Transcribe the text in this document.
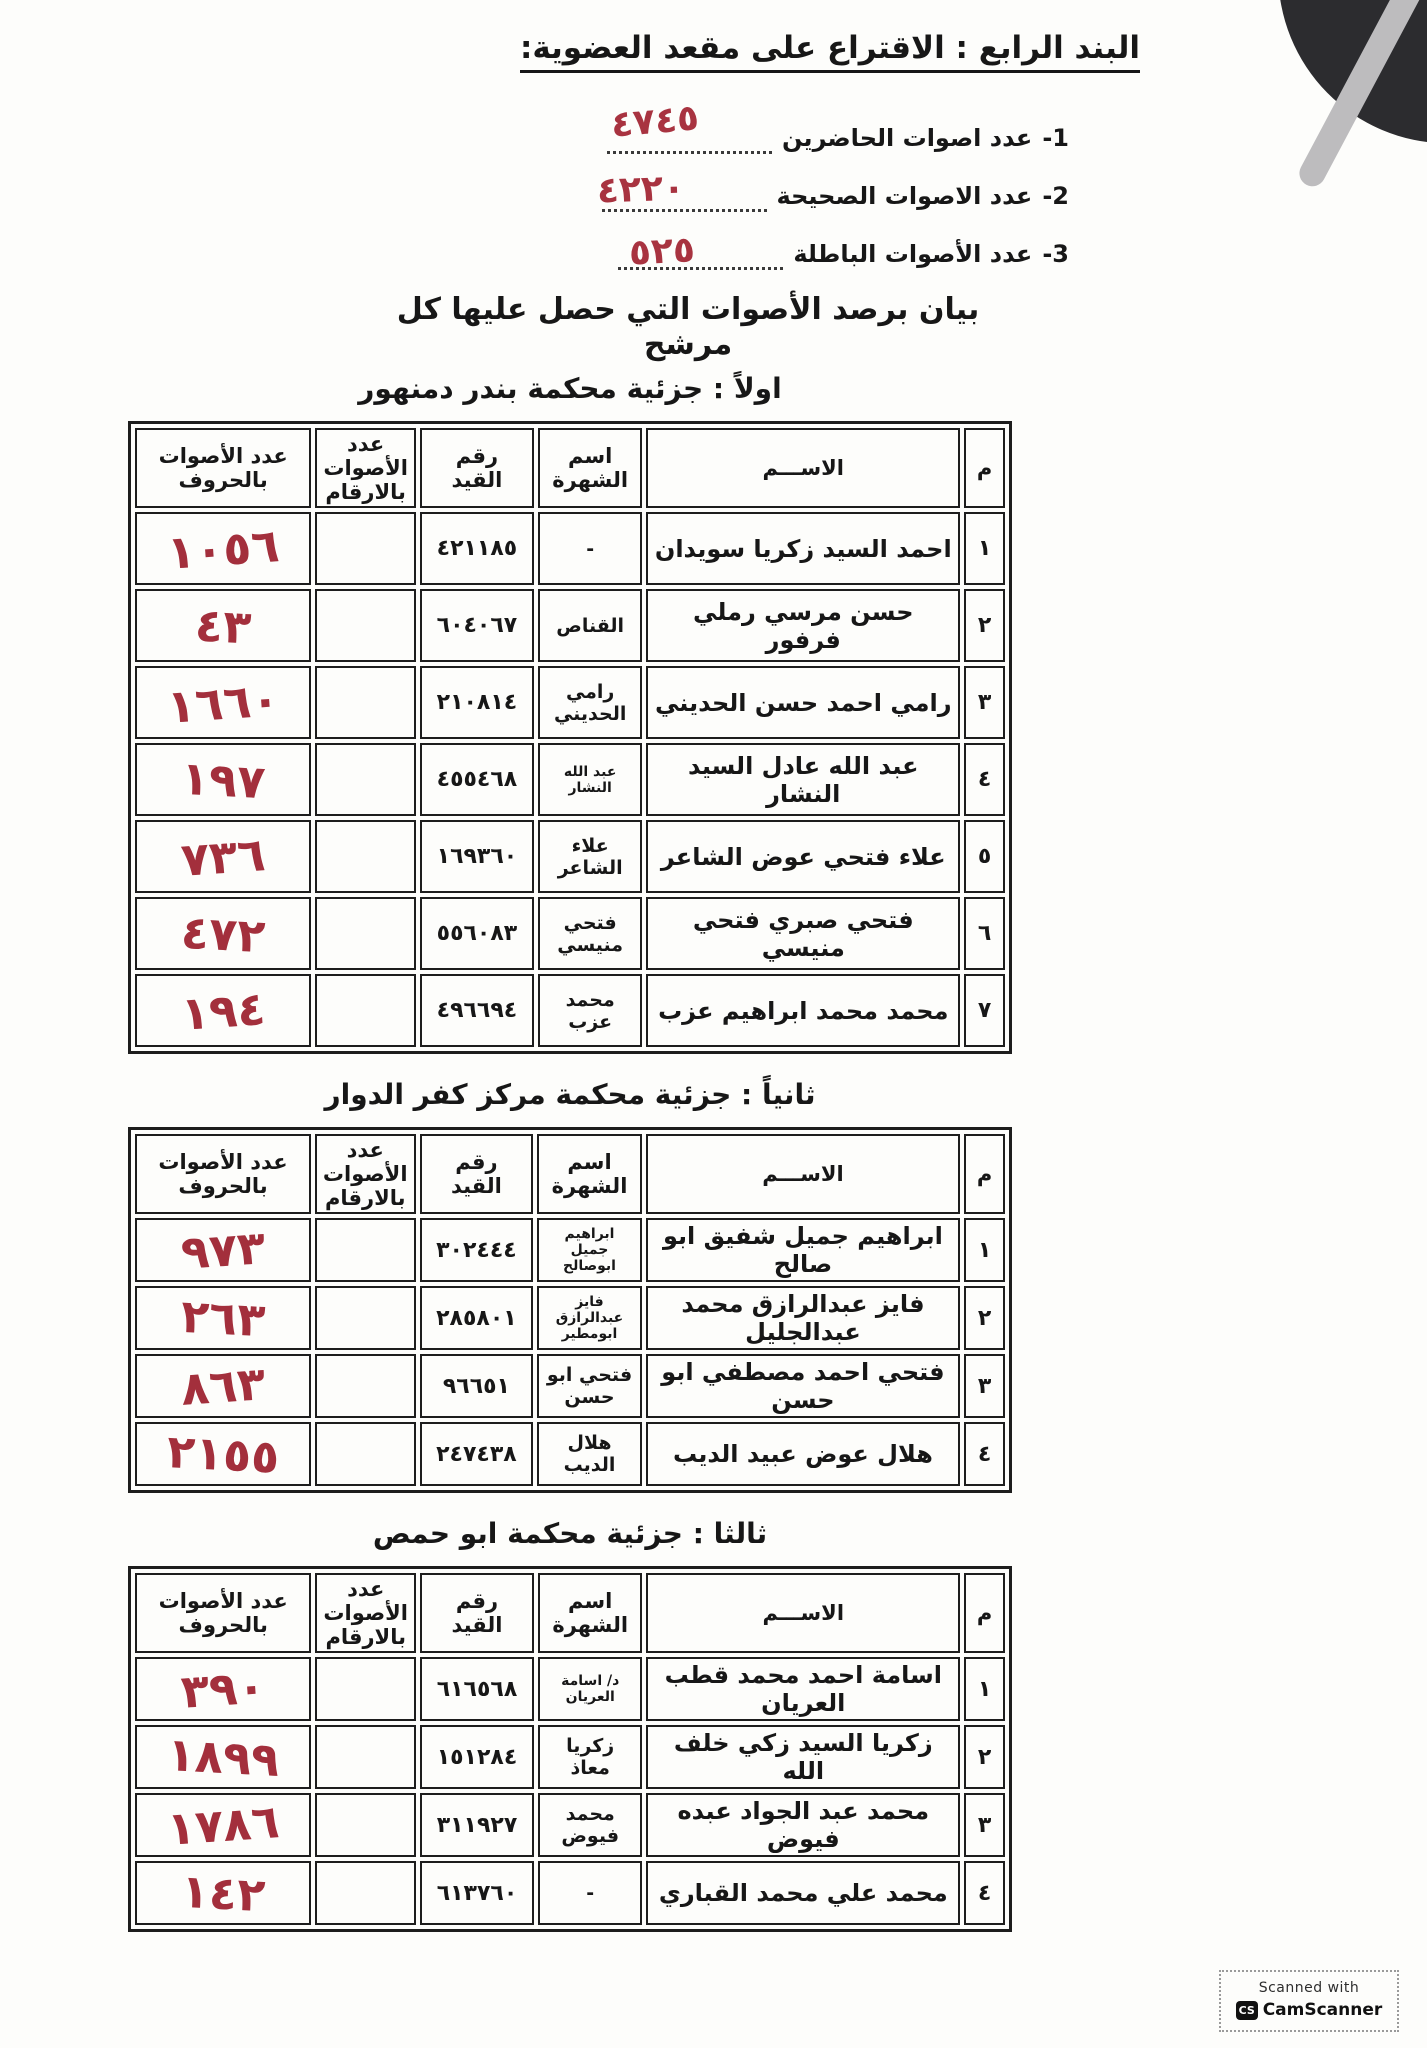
البند الرابع : الاقتراع على مقعد العضوية:
1-
عدد اصوات الحاضرين
٤٧٤٥
2-
عدد الاصوات الصحيحة
٤٢٢٠
3-
عدد الأصوات الباطلة
٥٢٥
بيان برصد الأصوات التي حصل عليها كل مرشح
اولاً : جزئية محكمة بندر دمنهور
م	الاســـم	اسم الشهرة	رقم القيد	عدد الأصوات بالارقام	عدد الأصوات بالحروف
١	احمد السيد زكريا سويدان	-	٤٢١١٨٥		١٠٥٦
٢	حسن مرسي رملي فرفور	القناص	٦٠٤٠٦٧		٤٣
٣	رامي احمد حسن الحديني	رامي الحديني	٢١٠٨١٤		١٦٦٠
٤	عبد الله عادل السيد النشار	عبد الله النشار	٤٥٥٤٦٨		١٩٧
٥	علاء فتحي عوض الشاعر	علاء الشاعر	١٦٩٣٦٠		٧٣٦
٦	فتحي صبري فتحي منيسي	فتحي منيسي	٥٥٦٠٨٣		٤٧٢
٧	محمد محمد ابراهيم عزب	محمد عزب	٤٩٦٦٩٤		١٩٤
ثانياً : جزئية محكمة مركز كفر الدوار
م	الاســـم	اسم الشهرة	رقم القيد	عدد الأصوات بالارقام	عدد الأصوات بالحروف
١	ابراهيم جميل شفيق ابو صالح	ابراهيم جميل ابوصالح	٣٠٢٤٤٤		٩٧٣
٢	فايز عبدالرازق محمد عبدالجليل	فايز عبدالرازق ابومطير	٢٨٥٨٠١		٢٦٣
٣	فتحي احمد مصطفي ابو حسن	فتحي ابو حسن	٩٦٦٥١		٨٦٣
٤	هلال عوض عبيد الديب	هلال الديب	٢٤٧٤٣٨		٢١٥٥
ثالثا : جزئية محكمة ابو حمص
م	الاســـم	اسم الشهرة	رقم القيد	عدد الأصوات بالارقام	عدد الأصوات بالحروف
١	اسامة احمد محمد قطب العريان	د/ اسامة العريان	٦١٦٥٦٨		٣٩٠
٢	زكريا السيد زكي خلف الله	زكريا معاذ	١٥١٢٨٤		١٨٩٩
٣	محمد عبد الجواد عبده فيوض	محمد فيوض	٣١١٩٢٧		١٧٨٦
٤	محمد علي محمد القباري	-	٦١٣٧٦٠		١٤٢
Scanned with
CS CamScanner
